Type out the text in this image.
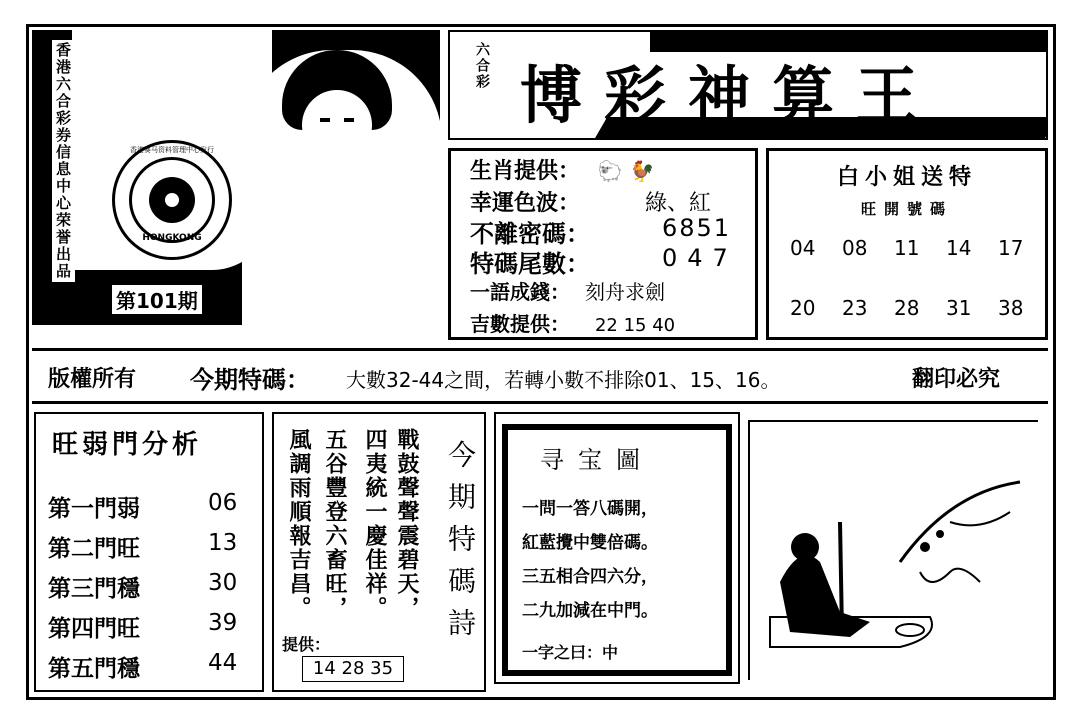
HONGKONG
香港赛马资料管理中心发行
香港六合彩券信息中心荣誉出品
第101期
六合彩 博彩神算王
生肖提供： 🐑 🐓
幸運色波：	綠、紅
不離密碼：	6851
特碼尾數：	047
一語成錢： 刻舟求劍
吉數提供： 22 15 40
白小姐送特
旺開號碼
04 08 11 14 17
20 23 28 31 38
版權所有 今期特碼： 大數32-44之間，若轉小數不排除01、15、16。	翻印必究
旺弱門分析
第一門弱	06
第二門旺	13
第三門穩	30
第四門旺	39
第五門穩	44
戰鼓聲聲震碧天，
四夷統一慶佳祥。
五谷豐登六畜旺，
風調雨順報吉昌。	今期特碼詩
提供：
14 28 35
寻宝圖
一問一答八碼開，
紅藍攪中雙倍碼。
三五相合四六分，
二九加減在中門。
一字之曰：中
